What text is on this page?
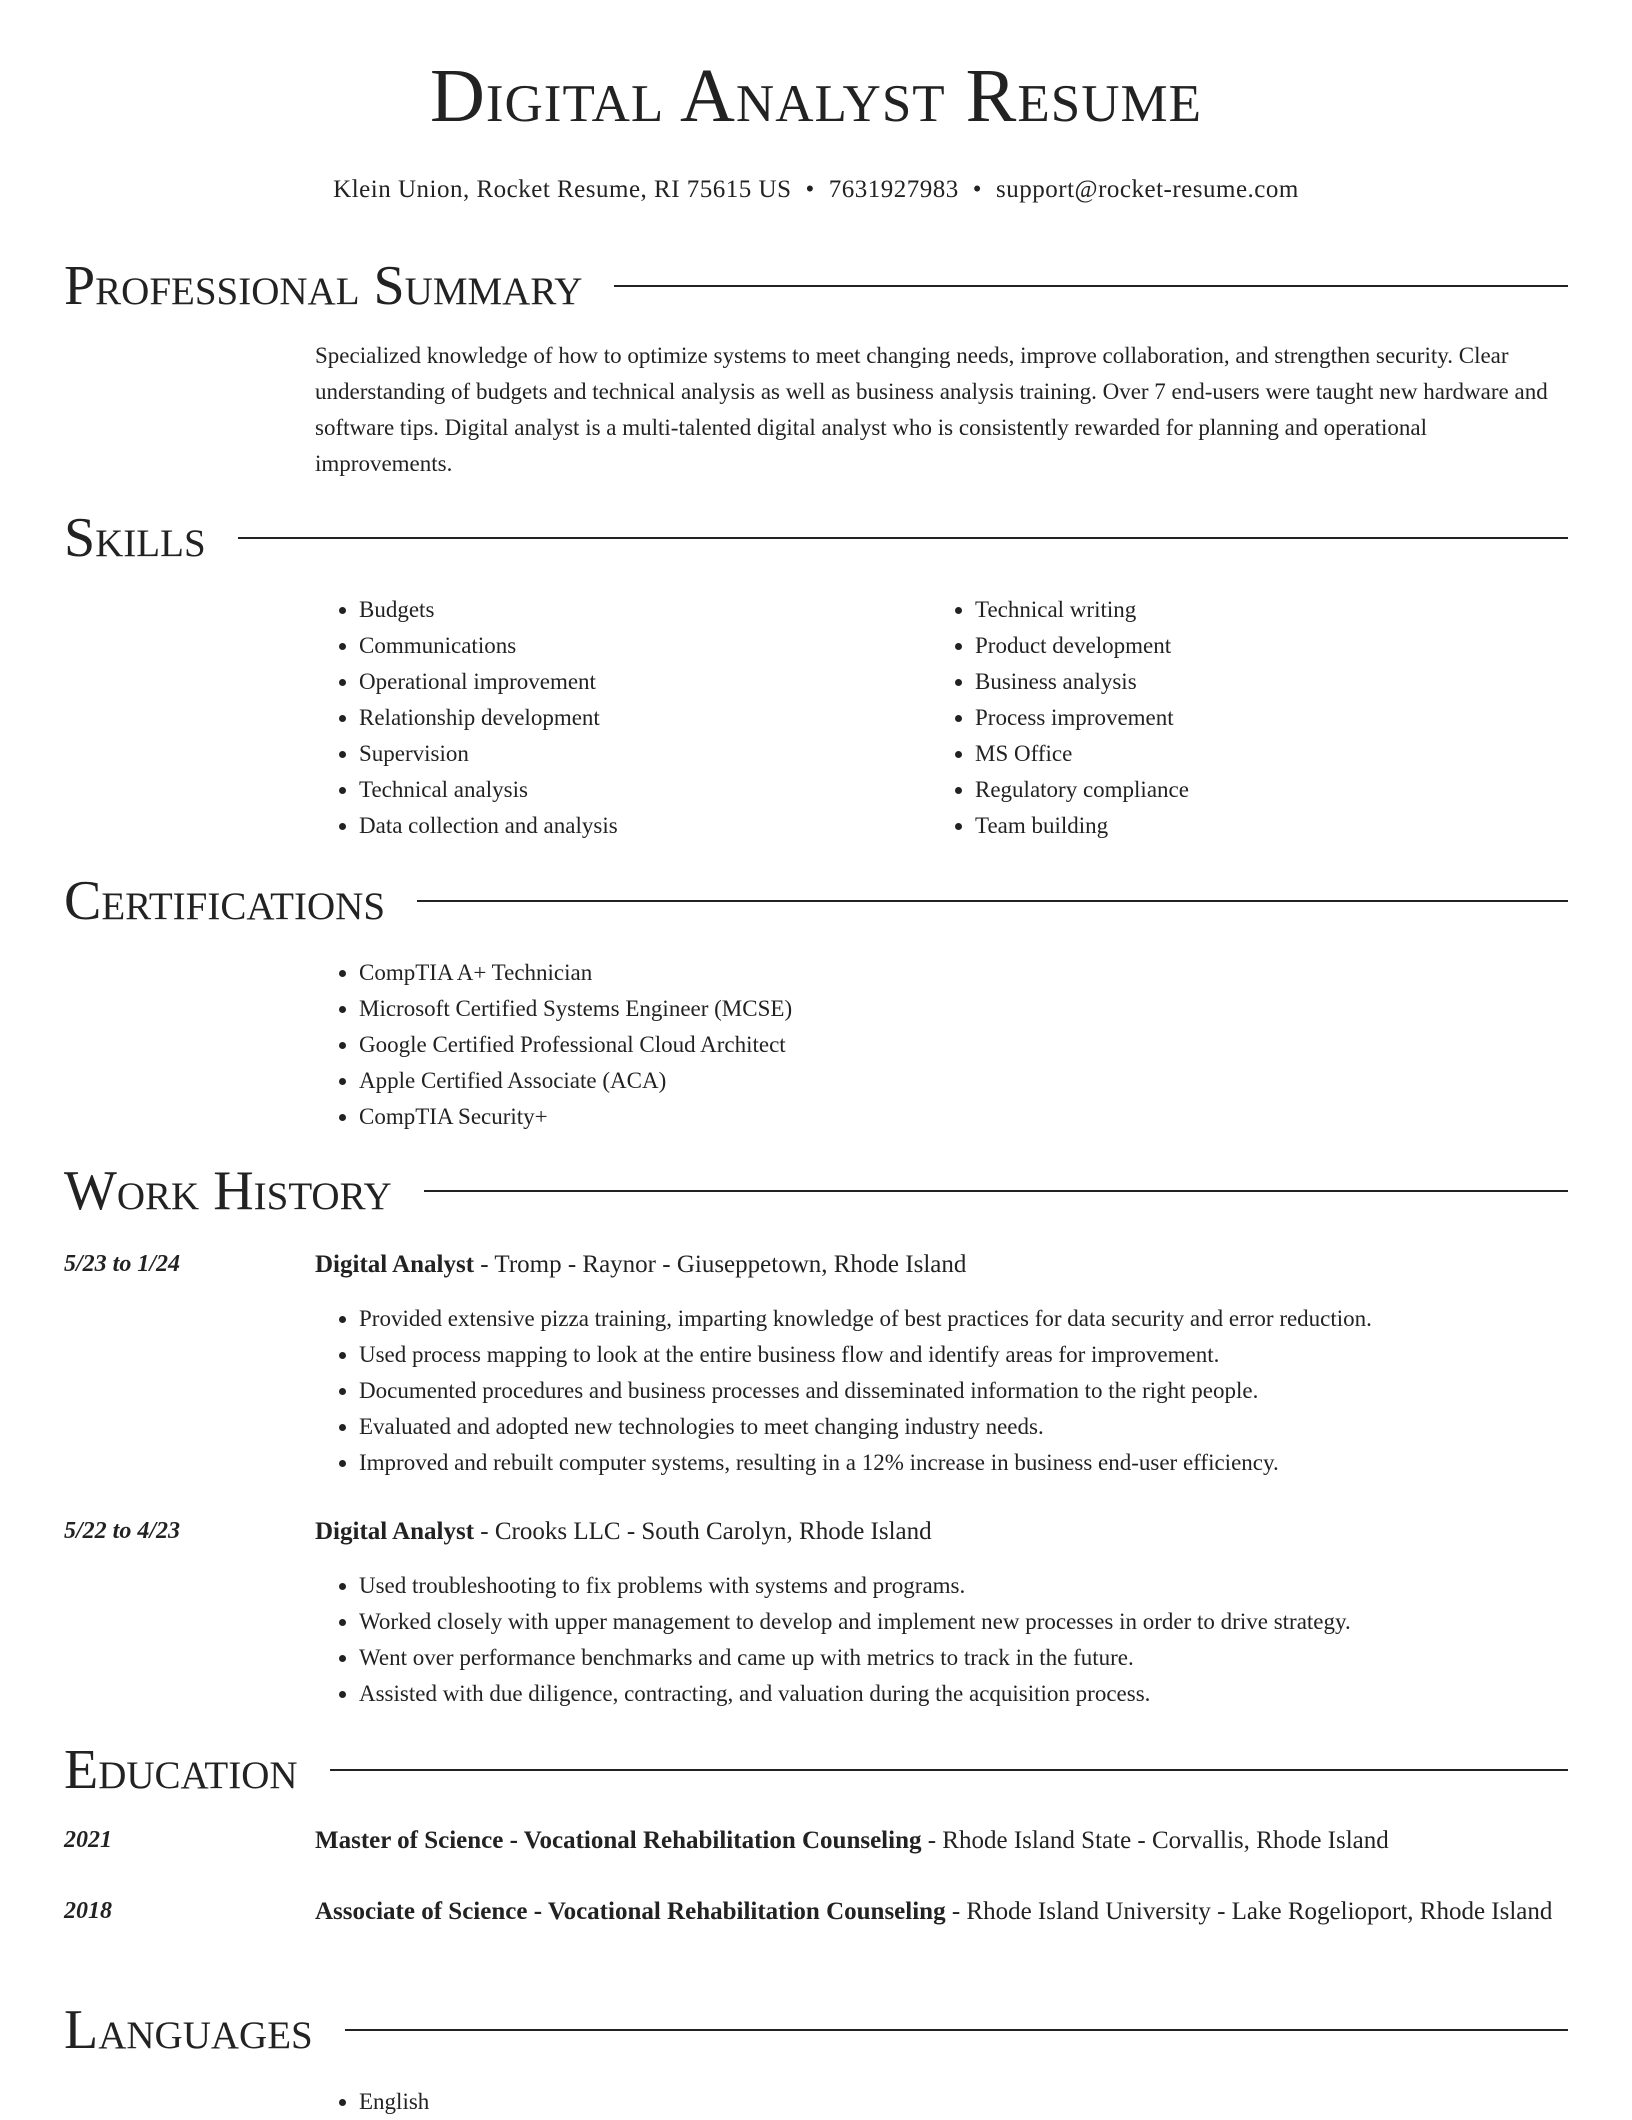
Digital Analyst Resume
Klein Union, Rocket Resume, RI 75615 US • 7631927983 • support@rocket-resume.com
Professional Summary
Specialized knowledge of how to optimize systems to meet changing needs, improve collaboration, and strengthen security. Clear understanding of budgets and technical analysis as well as business analysis training. Over 7 end-users were taught new hardware and software tips. Digital analyst is a multi-talented digital analyst who is consistently rewarded for planning and operational improvements.
Skills
• Budgets
• Communications
• Operational improvement
• Relationship development
• Supervision
• Technical analysis
• Data collection and analysis
• Technical writing
• Product development
• Business analysis
• Process improvement
• MS Office
• Regulatory compliance
• Team building
Certifications
• CompTIA A+ Technician
• Microsoft Certified Systems Engineer (MCSE)
• Google Certified Professional Cloud Architect
• Apple Certified Associate (ACA)
• CompTIA Security+
Work History
5/23 to 1/24	Digital Analyst - Tromp - Raynor - Giuseppetown, Rhode Island
• Provided extensive pizza training, imparting knowledge of best practices for data security and error reduction.
• Used process mapping to look at the entire business flow and identify areas for improvement.
• Documented procedures and business processes and disseminated information to the right people.
• Evaluated and adopted new technologies to meet changing industry needs.
• Improved and rebuilt computer systems, resulting in a 12% increase in business end-user efficiency.
5/22 to 4/23	Digital Analyst - Crooks LLC - South Carolyn, Rhode Island
• Used troubleshooting to fix problems with systems and programs.
• Worked closely with upper management to develop and implement new processes in order to drive strategy.
• Went over performance benchmarks and came up with metrics to track in the future.
• Assisted with due diligence, contracting, and valuation during the acquisition process.
Education
2021	Master of Science - Vocational Rehabilitation Counseling - Rhode Island State - Corvallis, Rhode Island
2018	Associate of Science - Vocational Rehabilitation Counseling - Rhode Island University - Lake Rogelioport, Rhode Island
Languages
• English
